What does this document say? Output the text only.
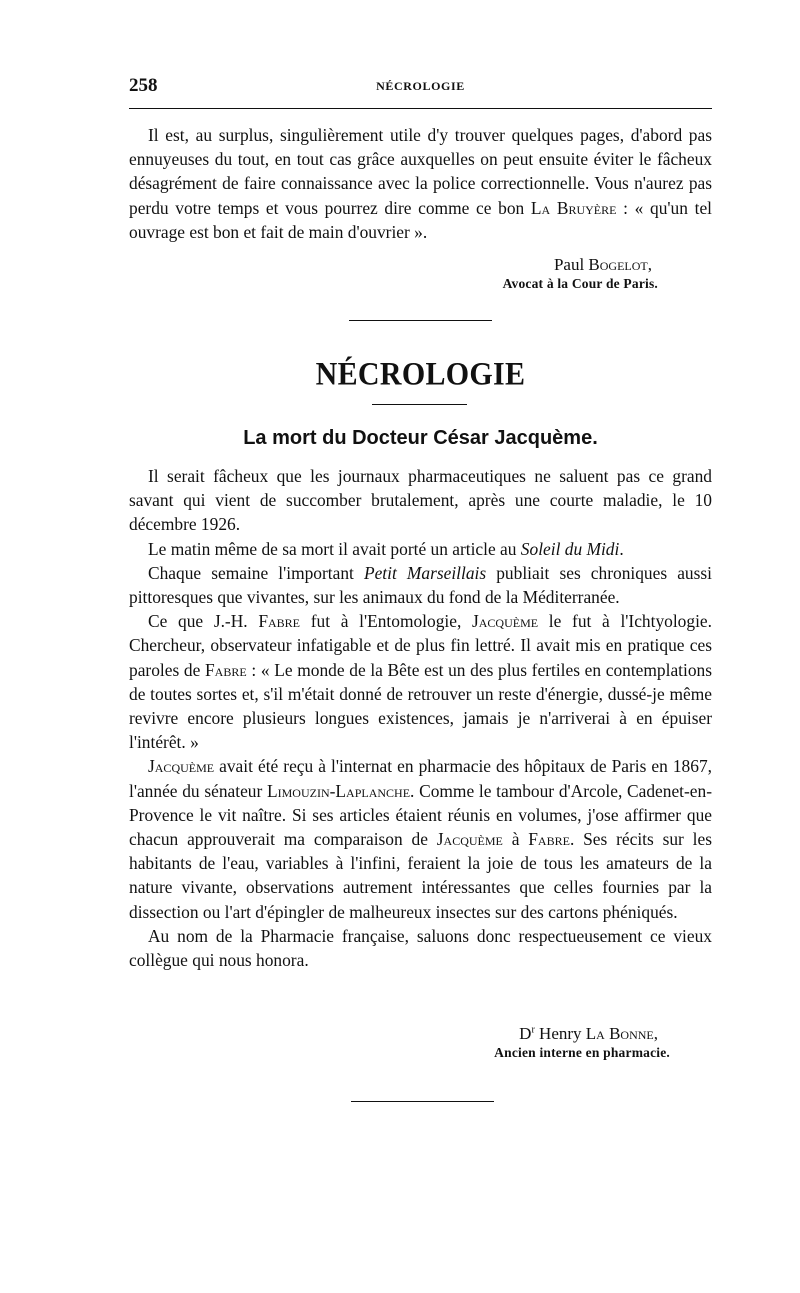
258	NÉCROLOGIE

Il est, au surplus, singulièrement utile d'y trouver quelques pages, d'abord pas ennuyeuses du tout, en tout cas grâce auxquelles on peut ensuite éviter le fâcheux désagrément de faire connaissance avec la police correctionnelle. Vous n'aurez pas perdu votre temps et vous pourrez dire comme ce bon La Bruyère : « qu'un tel ouvrage est bon et fait de main d'ouvrier ».

Paul Bogelot,
Avocat à la Cour de Paris.
NÉCROLOGIE
La mort du Docteur César Jacquème.

Il serait fâcheux que les journaux pharmaceutiques ne saluent pas ce grand savant qui vient de succomber brutalement, après une courte maladie, le 10 décembre 1926.

Le matin même de sa mort il avait porté un article au Soleil du Midi.

Chaque semaine l'important Petit Marseillais publiait ses chroniques aussi pittoresques que vivantes, sur les animaux du fond de la Méditerranée.

Ce que J.-H. Fabre fut à l'Entomologie, Jacquème le fut à l'Ichtyologie. Chercheur, observateur infatigable et de plus fin lettré. Il avait mis en pratique ces paroles de Fabre : « Le monde de la Bête est un des plus fertiles en contemplations de toutes sortes et, s'il m'était donné de retrouver un reste d'énergie, dussé-je même revivre encore plusieurs longues existences, jamais je n'arriverai à en épuiser l'intérêt. »

Jacquème avait été reçu à l'internat en pharmacie des hôpitaux de Paris en 1867, l'année du sénateur Limouzin-Laplanche. Comme le tambour d'Arcole, Cadenet-en-Provence le vit naître. Si ses articles étaient réunis en volumes, j'ose affirmer que chacun approuverait ma comparaison de Jacquème à Fabre. Ses récits sur les habitants de l'eau, variables à l'infini, feraient la joie de tous les amateurs de la nature vivante, observations autrement intéressantes que celles fournies par la dissection ou l'art d'épingler de malheureux insectes sur des cartons phéniqués.

Au nom de la Pharmacie française, saluons donc respectueusement ce vieux collègue qui nous honora.

$D^r$ Henry La Bonne,
Ancien interne en pharmacie.
